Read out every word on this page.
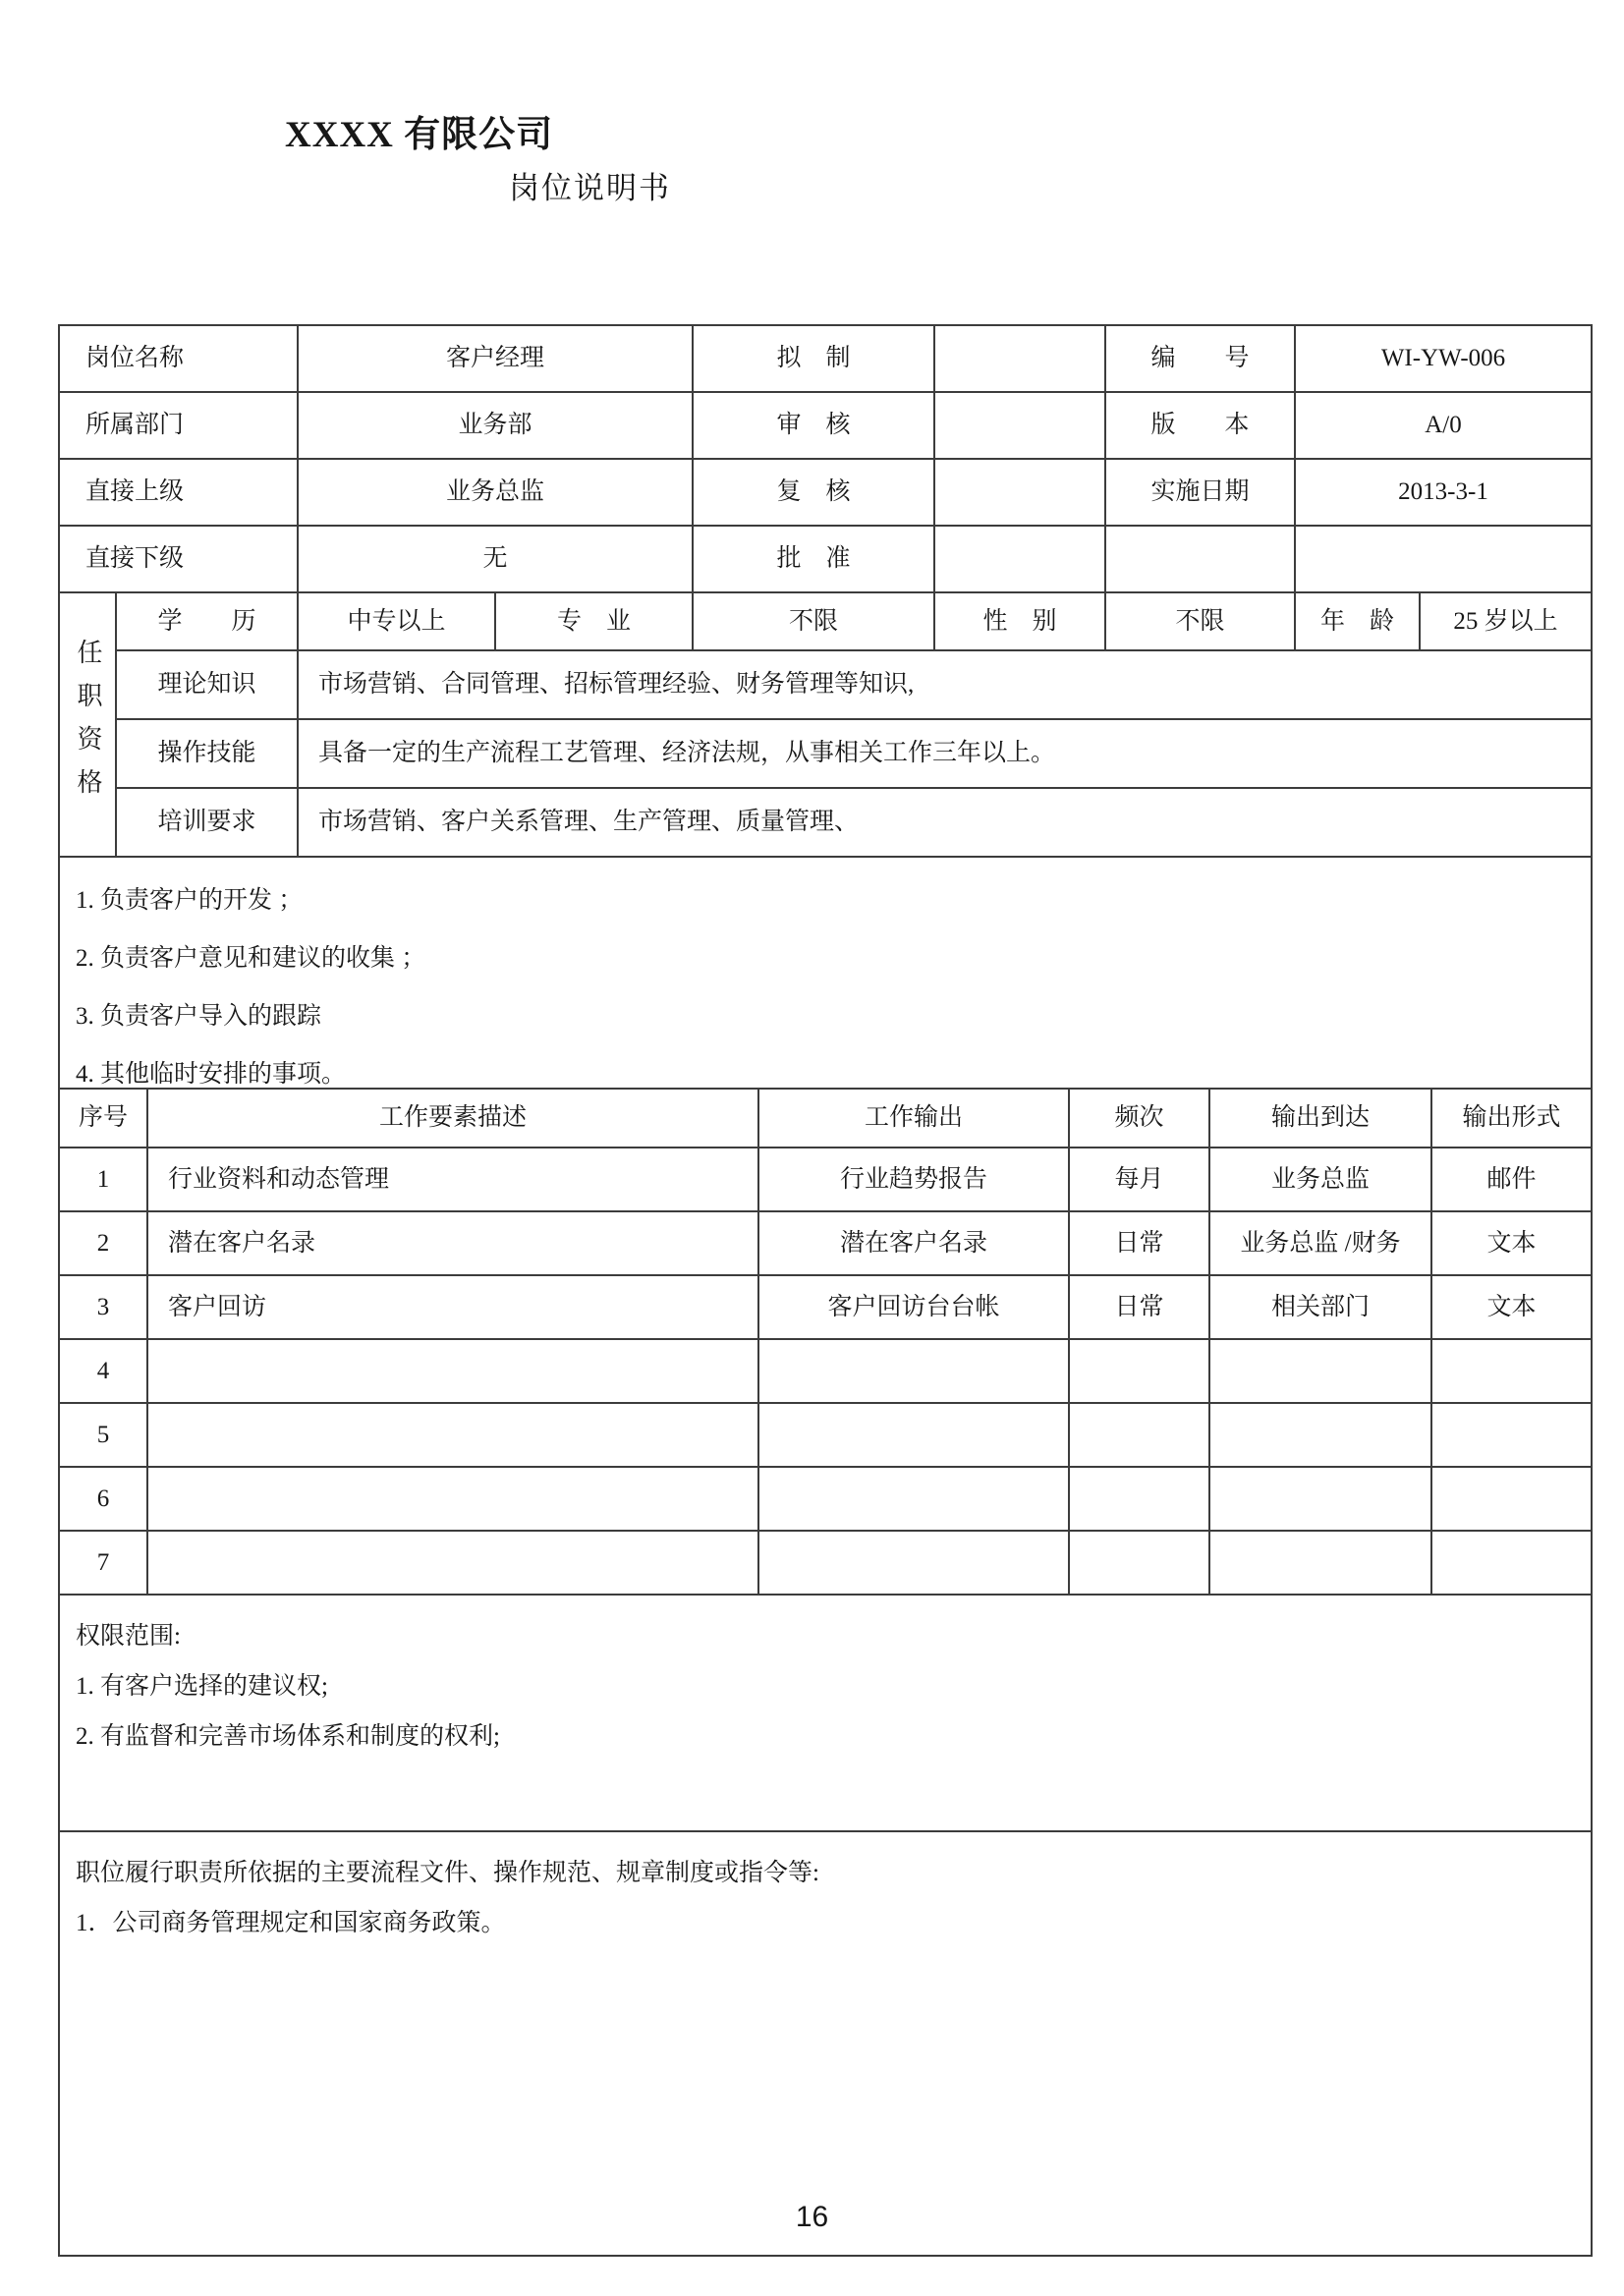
XXXX 有限公司
岗位说明书
岗位名称	客户经理	拟　制		编　　号	WI-YW-006
所属部门	业务部	审　核		版　　本	A/0
直接上级	业务总监	复　核		实施日期	2013-3-1
直接下级	无	批　准			
任职资格	学　　历	中专以上	专　业	不限	性　别	不限	年　龄	25 岁以上
	理论知识	市场营销、合同管理、招标管理经验、财务管理等知识,						
	操作技能	具备一定的生产流程工艺管理、经济法规，从事相关工作三年以上。						
	培训要求	市场营销、客户关系管理、生产管理、质量管理、						
1. 负责客户的开发 ；
2. 负责客户意见和建议的收集 ；
3. 负责客户导入的跟踪
4. 其他临时安排的事项。
序号	工作要素描述	工作输出	频次	输出到达	输出形式
1	行业资料和动态管理	行业趋势报告	每月	业务总监	邮件
2	潜在客户名录	潜在客户名录	日常	业务总监 /财务	文本
3	客户回访	客户回访台台帐	日常	相关部门	文本
4					
5					
6					
7					
权限范围:
1. 有客户选择的建议权;
2. 有监督和完善市场体系和制度的权利;
职位履行职责所依据的主要流程文件、操作规范、规章制度或指令等:
1．公司商务管理规定和国家商务政策。
16
